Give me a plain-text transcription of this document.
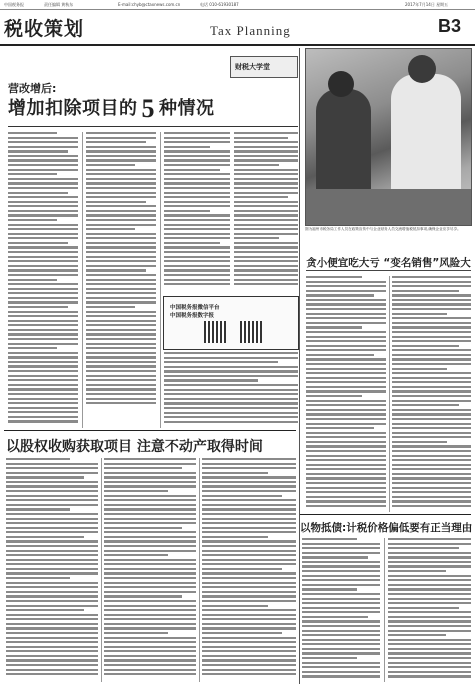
中国税务报	责任编辑 黄秋东	E-mail:chyb@ctaxnews.com.cn	电话 010-61930187	2017年7月14日 星期五
税收策划	Tax Planning	B3
财税大学堂
营改增后:
增加扣除项目的 5 种情况
中国税务报微信平台
中国税务报数字报
图为福州市税务局工作人员在政策宣传中与企业财务人员交流增值税抵扣事项,确保企业应享尽享。
贪小便宜吃大亏 “变名销售”风险大
以股权收购获取项目 注意不动产取得时间
以物抵债:计税价格偏低要有正当理由
